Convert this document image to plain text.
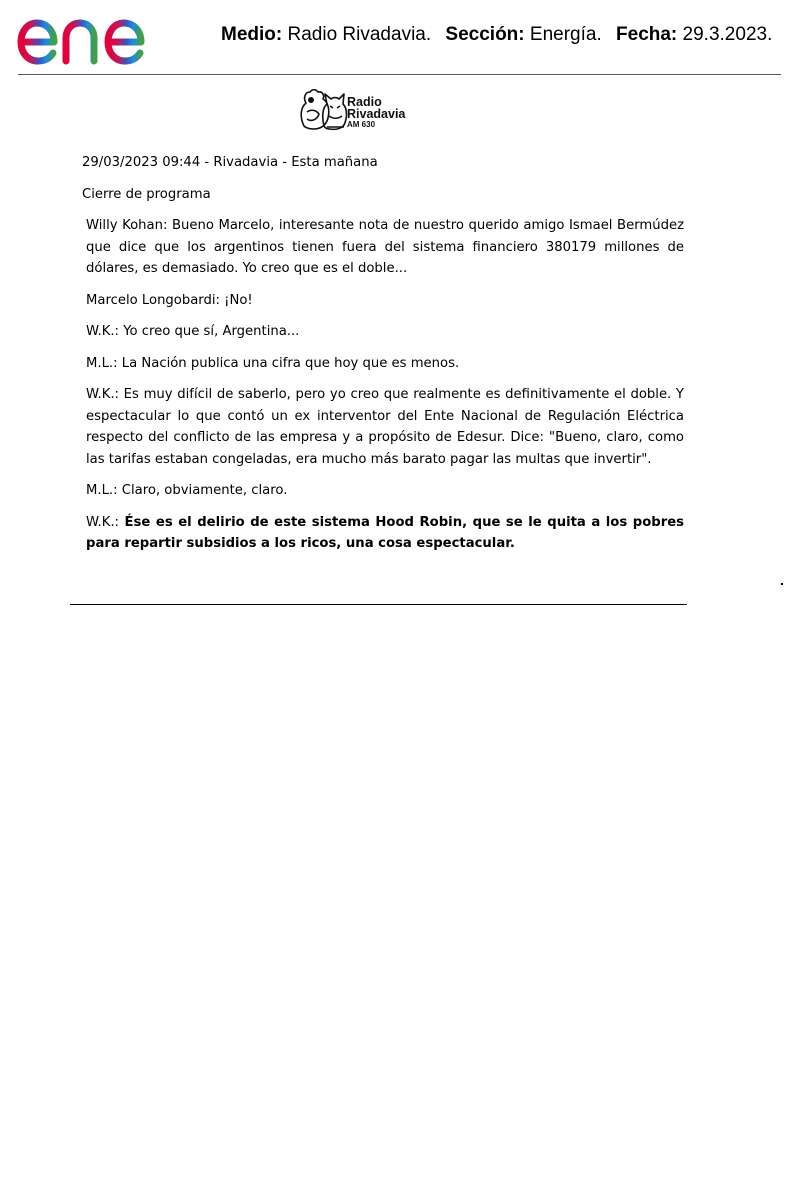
Medio: Radio Rivadavia. Sección: Energía. Fecha: 29.3.2023.
Radio
Rivadavia
AM 630

29/03/2023 09:44 - Rivadavia - Esta mañana

Cierre de programa

Willy Kohan: Bueno Marcelo, interesante nota de nuestro querido amigo Ismael Bermúdez que dice que los argentinos tienen fuera del sistema financiero 380179 millones de dólares, es demasiado. Yo creo que es el doble...

Marcelo Longobardi: ¡No!

W.K.: Yo creo que sí, Argentina...

M.L.: La Nación publica una cifra que hoy que es menos.

W.K.: Es muy difícil de saberlo, pero yo creo que realmente es definitivamente el doble. Y espectacular lo que contó un ex interventor del Ente Nacional de Regulación Eléctrica respecto del conflicto de las empresa y a propósito de Edesur. Dice: "Bueno, claro, como las tarifas estaban congeladas, era mucho más barato pagar las multas que invertir".

M.L.: Claro, obviamente, claro.

W.K.: Ése es el delirio de este sistema Hood Robin, que se le quita a los pobres para repartir subsidios a los ricos, una cosa espectacular.
